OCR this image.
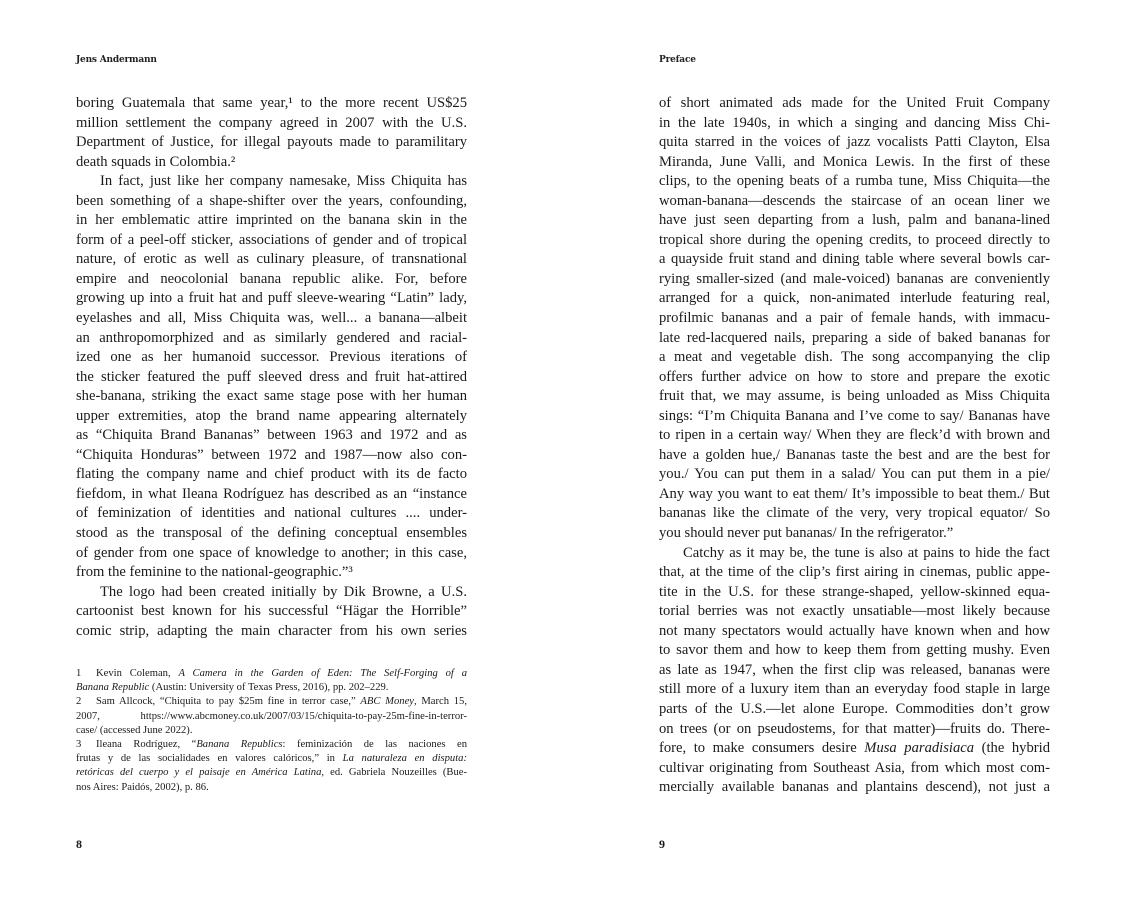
Jens Andermann

boring Guatemala that same year,¹ to the more recent US$25
million settlement the company agreed in 2007 with the U.S.
Department of Justice, for illegal payouts made to paramilitary
death squads in Colombia.²

In fact, just like her company namesake, Miss Chiquita has
been something of a shape-shifter over the years, confounding,
in her emblematic attire imprinted on the banana skin in the
form of a peel-off sticker, associations of gender and of tropical
nature, of erotic as well as culinary pleasure, of transnational
empire and neocolonial banana republic alike. For, before
growing up into a fruit hat and puff sleeve-wearing “Latin” lady,
eyelashes and all, Miss Chiquita was, well... a banana—albeit
an anthropomorphized and as similarly gendered and racial-
ized one as her humanoid successor. Previous iterations of
the sticker featured the puff sleeved dress and fruit hat-attired
she-banana, striking the exact same stage pose with her human
upper extremities, atop the brand name appearing alternately
as “Chiquita Brand Bananas” between 1963 and 1972 and as
“Chiquita Honduras” between 1972 and 1987—now also con-
flating the company name and chief product with its de facto
fiefdom, in what Ileana Rodríguez has described as an “instance
of feminization of identities and national cultures .... under-
stood as the transposal of the defining conceptual ensembles
of gender from one space of knowledge to another; in this case,
from the feminine to the national-geographic.”³

The logo had been created initially by Dik Browne, a U.S.
cartoonist best known for his successful “Hägar the Horrible”
comic strip, adapting the main character from his own series

1 Kevin Coleman, A Camera in the Garden of Eden: The Self-Forging of a
Banana Republic (Austin: University of Texas Press, 2016), pp. 202–229.
2 Sam Allcock, “Chiquita to pay $25m fine in terror case,” ABC Money, March 15,
2007, https://www.abcmoney.co.uk/2007/03/15/chiquita-to-pay-25m-fine-in-terror-
case/ (accessed June 2022).
3 Ileana Rodríguez, “Banana Republics: feminización de las naciones en
frutas y de las socialidades en valores calóricos,” in La naturaleza en disputa:
retóricas del cuerpo y el paisaje en América Latina, ed. Gabriela Nouzeilles (Bue-
nos Aires: Paidós, 2002), p. 86.
8
Preface

of short animated ads made for the United Fruit Company
in the late 1940s, in which a singing and dancing Miss Chi-
quita starred in the voices of jazz vocalists Patti Clayton, Elsa
Miranda, June Valli, and Monica Lewis. In the first of these
clips, to the opening beats of a rumba tune, Miss Chiquita—the
woman-banana—descends the staircase of an ocean liner we
have just seen departing from a lush, palm and banana-lined
tropical shore during the opening credits, to proceed directly to
a quayside fruit stand and dining table where several bowls car-
rying smaller-sized (and male-voiced) bananas are conveniently
arranged for a quick, non-animated interlude featuring real,
profilmic bananas and a pair of female hands, with immacu-
late red-lacquered nails, preparing a side of baked bananas for
a meat and vegetable dish. The song accompanying the clip
offers further advice on how to store and prepare the exotic
fruit that, we may assume, is being unloaded as Miss Chiquita
sings: “I’m Chiquita Banana and I’ve come to say/ Bananas have
to ripen in a certain way/ When they are fleck’d with brown and
have a golden hue,/ Bananas taste the best and are the best for
you./ You can put them in a salad/ You can put them in a pie/
Any way you want to eat them/ It’s impossible to beat them./ But
bananas like the climate of the very, very tropical equator/ So
you should never put bananas/ In the refrigerator.”

Catchy as it may be, the tune is also at pains to hide the fact
that, at the time of the clip’s first airing in cinemas, public appe-
tite in the U.S. for these strange-shaped, yellow-skinned equa-
torial berries was not exactly unsatiable—most likely because
not many spectators would actually have known when and how
to savor them and how to keep them from getting mushy. Even
as late as 1947, when the first clip was released, bananas were
still more of a luxury item than an everyday food staple in large
parts of the U.S.—let alone Europe. Commodities don’t grow
on trees (or on pseudostems, for that matter)—fruits do. There-
fore, to make consumers desire Musa paradisiaca (the hybrid
cultivar originating from Southeast Asia, from which most com-
mercially available bananas and plantains descend), not just a

9
